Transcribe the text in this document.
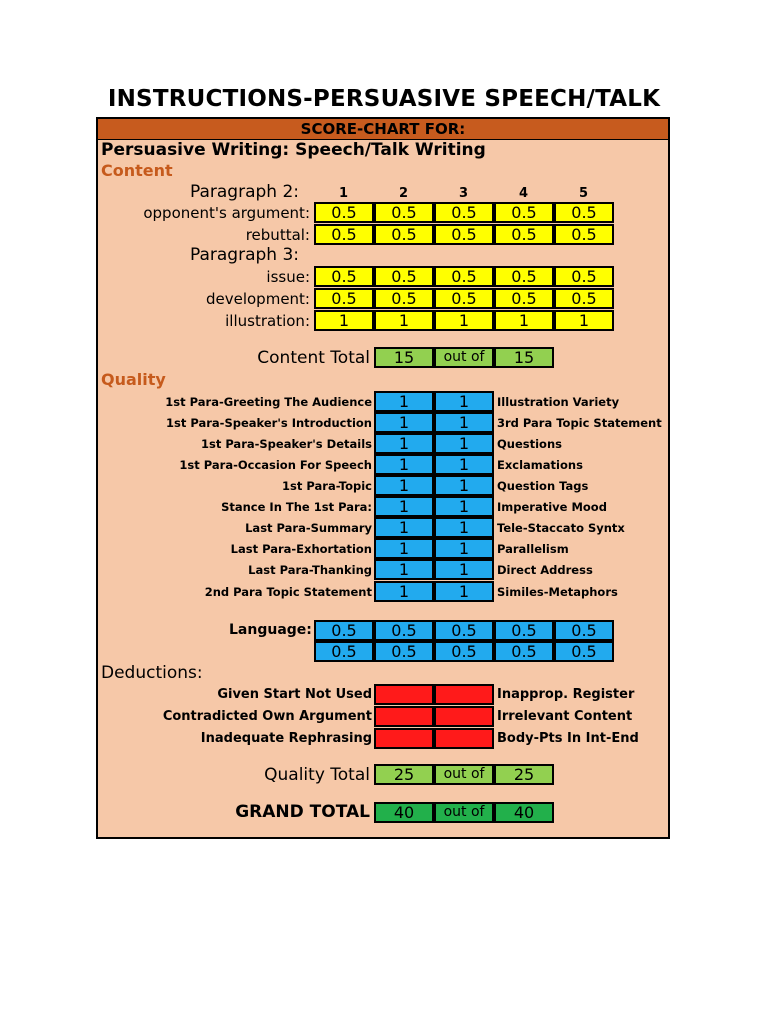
INSTRUCTIONS-PERSUASIVE SPEECH/TALK
SCORE-CHART FOR:
Persuasive Writing: Speech/Talk Writing
Content
Paragraph 2:	1	2	3	4	5
opponent's argument:	0.5	0.5	0.5	0.5	0.5
rebuttal:	0.5	0.5	0.5	0.5	0.5
Paragraph 3:
issue:	0.5	0.5	0.5	0.5	0.5
development:	0.5	0.5	0.5	0.5	0.5
illustration:	1	1	1	1	1
Content Total	15	out of	15
Quality
1st Para-Greeting The Audience	1	1	Illustration Variety
1st Para-Speaker's Introduction	1	1	3rd Para Topic Statement
1st Para-Speaker's Details	1	1	Questions
1st Para-Occasion For Speech	1	1	Exclamations
1st Para-Topic	1	1	Question Tags
Stance In The 1st Para:	1	1	Imperative Mood
Last Para-Summary	1	1	Tele-Staccato Syntx
Last Para-Exhortation	1	1	Parallelism
Last Para-Thanking	1	1	Direct Address
2nd Para Topic Statement	1	1	Similes-Metaphors
Language:	0.5	0.5	0.5	0.5	0.5
0.5	0.5	0.5	0.5	0.5
Deductions:
Given Start Not Used	Inapprop. Register
Contradicted Own Argument	Irrelevant Content
Inadequate Rephrasing	Body-Pts In Int-End
Quality Total	25	out of	25
GRAND TOTAL	40	out of	40
